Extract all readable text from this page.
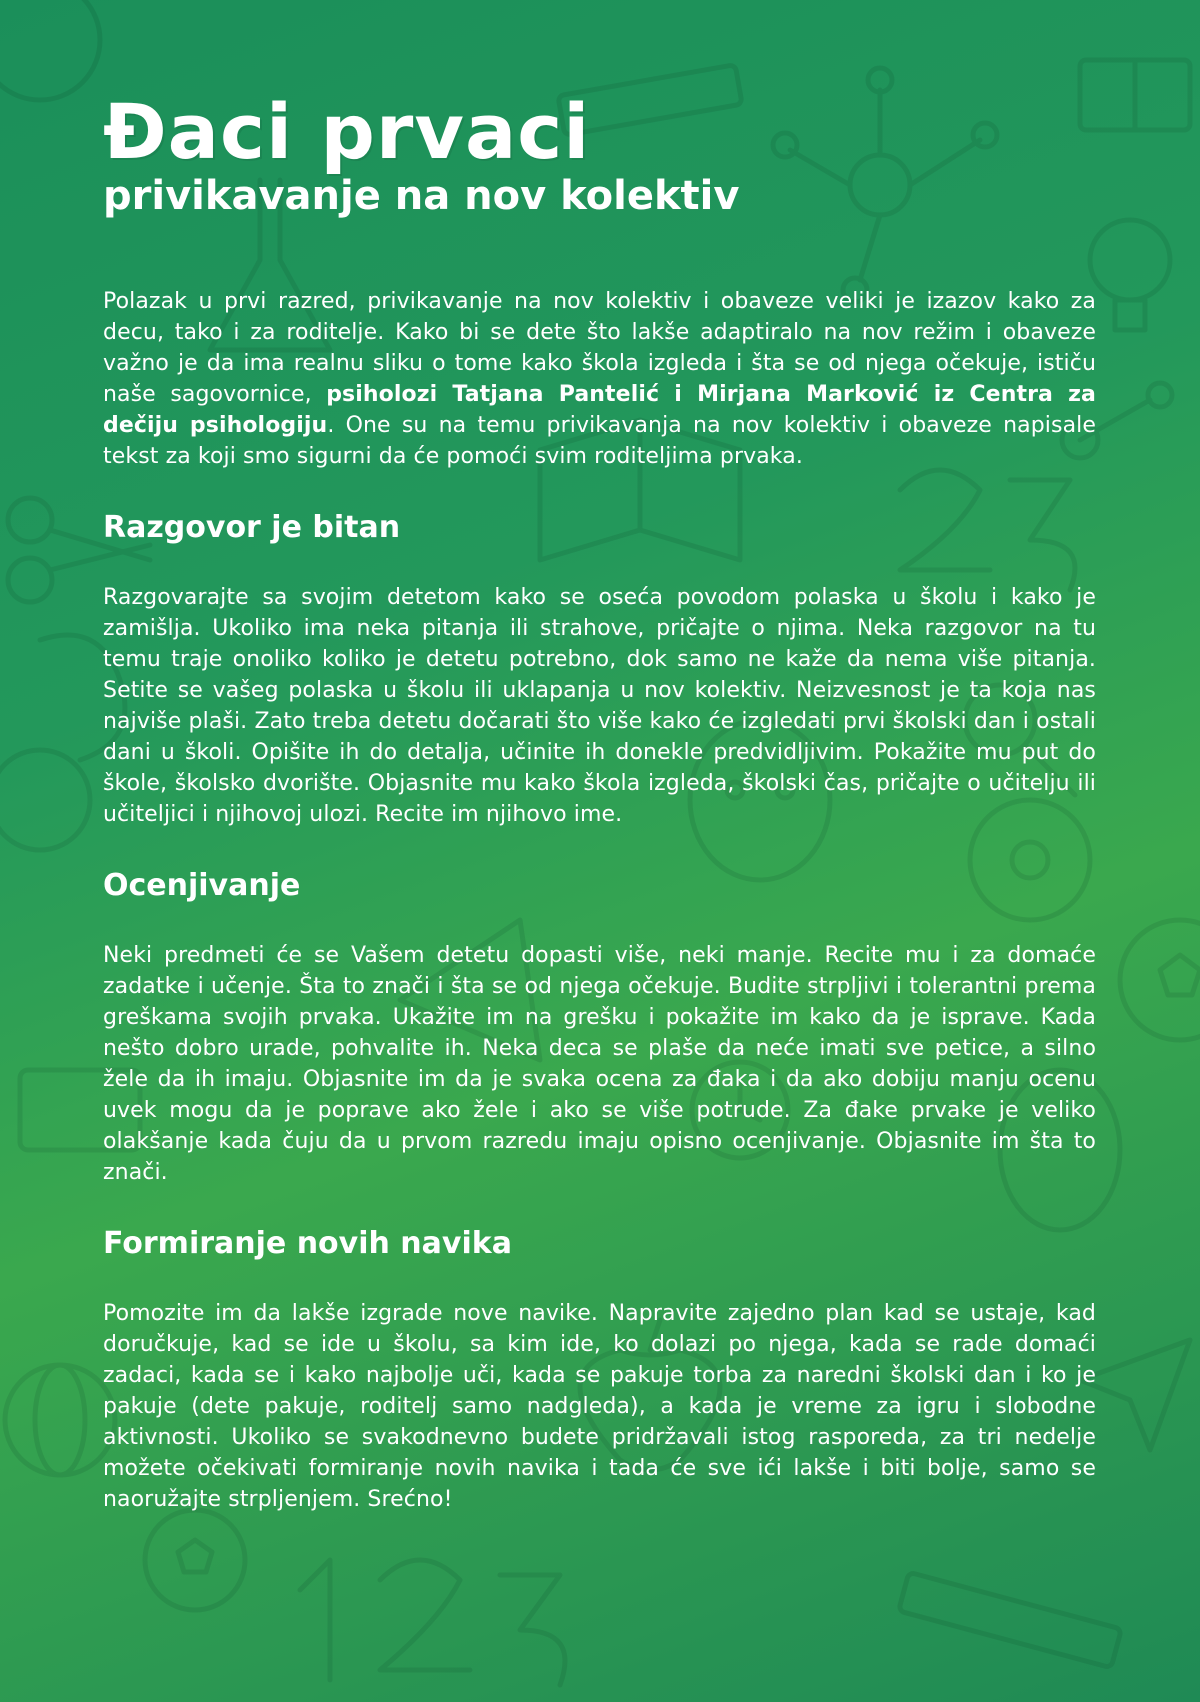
Đaci prvaci
privikavanje na nov kolektiv

Polazak u prvi razred, privikavanje na nov kolektiv i obaveze veliki je izazov kako za decu, tako i za roditelje. Kako bi se dete što lakše adaptiralo na nov režim i obaveze važno je da ima realnu sliku o tome kako škola izgleda i šta se od njega očekuje, ističu naše sagovornice, psiholozi Tatjana Pantelić i Mirjana Marković iz Centra za dečiju psihologiju. One su na temu privikavanja na nov kolektiv i obaveze napisale tekst za koji smo sigurni da će pomoći svim roditeljima prvaka.

Razgovor je bitan

Razgovarajte sa svojim detetom kako se oseća povodom polaska u školu i kako je zamišlja. Ukoliko ima neka pitanja ili strahove, pričajte o njima. Neka razgovor na tu temu traje onoliko koliko je detetu potrebno, dok samo ne kaže da nema više pitanja. Setite se vašeg polaska u školu ili uklapanja u nov kolektiv. Neizvesnost je ta koja nas najviše plaši. Zato treba detetu dočarati što više kako će izgledati prvi školski dan i ostali dani u školi. Opišite ih do detalja, učinite ih donekle predvidljivim. Pokažite mu put do škole, školsko dvorište. Objasnite mu kako škola izgleda, školski čas, pričajte o učitelju ili učiteljici i njihovoj ulozi. Recite im njihovo ime.

Ocenjivanje

Neki predmeti će se Vašem detetu dopasti više, neki manje. Recite mu i za domaće zadatke i učenje. Šta to znači i šta se od njega očekuje. Budite strpljivi i tolerantni prema greškama svojih prvaka. Ukažite im na grešku i pokažite im kako da je isprave. Kada nešto dobro urade, pohvalite ih. Neka deca se plaše da neće imati sve petice, a silno žele da ih imaju. Objasnite im da je svaka ocena za đaka i da ako dobiju manju ocenu uvek mogu da je poprave ako žele i ako se više potrude. Za đake prvake je veliko olakšanje kada čuju da u prvom razredu imaju opisno ocenjivanje. Objasnite im šta to znači.

Formiranje novih navika

Pomozite im da lakše izgrade nove navike. Napravite zajedno plan kad se ustaje, kad doručkuje, kad se ide u školu, sa kim ide, ko dolazi po njega, kada se rade domaći zadaci, kada se i kako najbolje uči, kada se pakuje torba za naredni školski dan i ko je pakuje (dete pakuje, roditelj samo nadgleda), a kada je vreme za igru i slobodne aktivnosti. Ukoliko se svakodnevno budete pridržavali istog rasporeda, za tri nedelje možete očekivati formiranje novih navika i tada će sve ići lakše i biti bolje, samo se naoružajte strpljenjem. Srećno!
